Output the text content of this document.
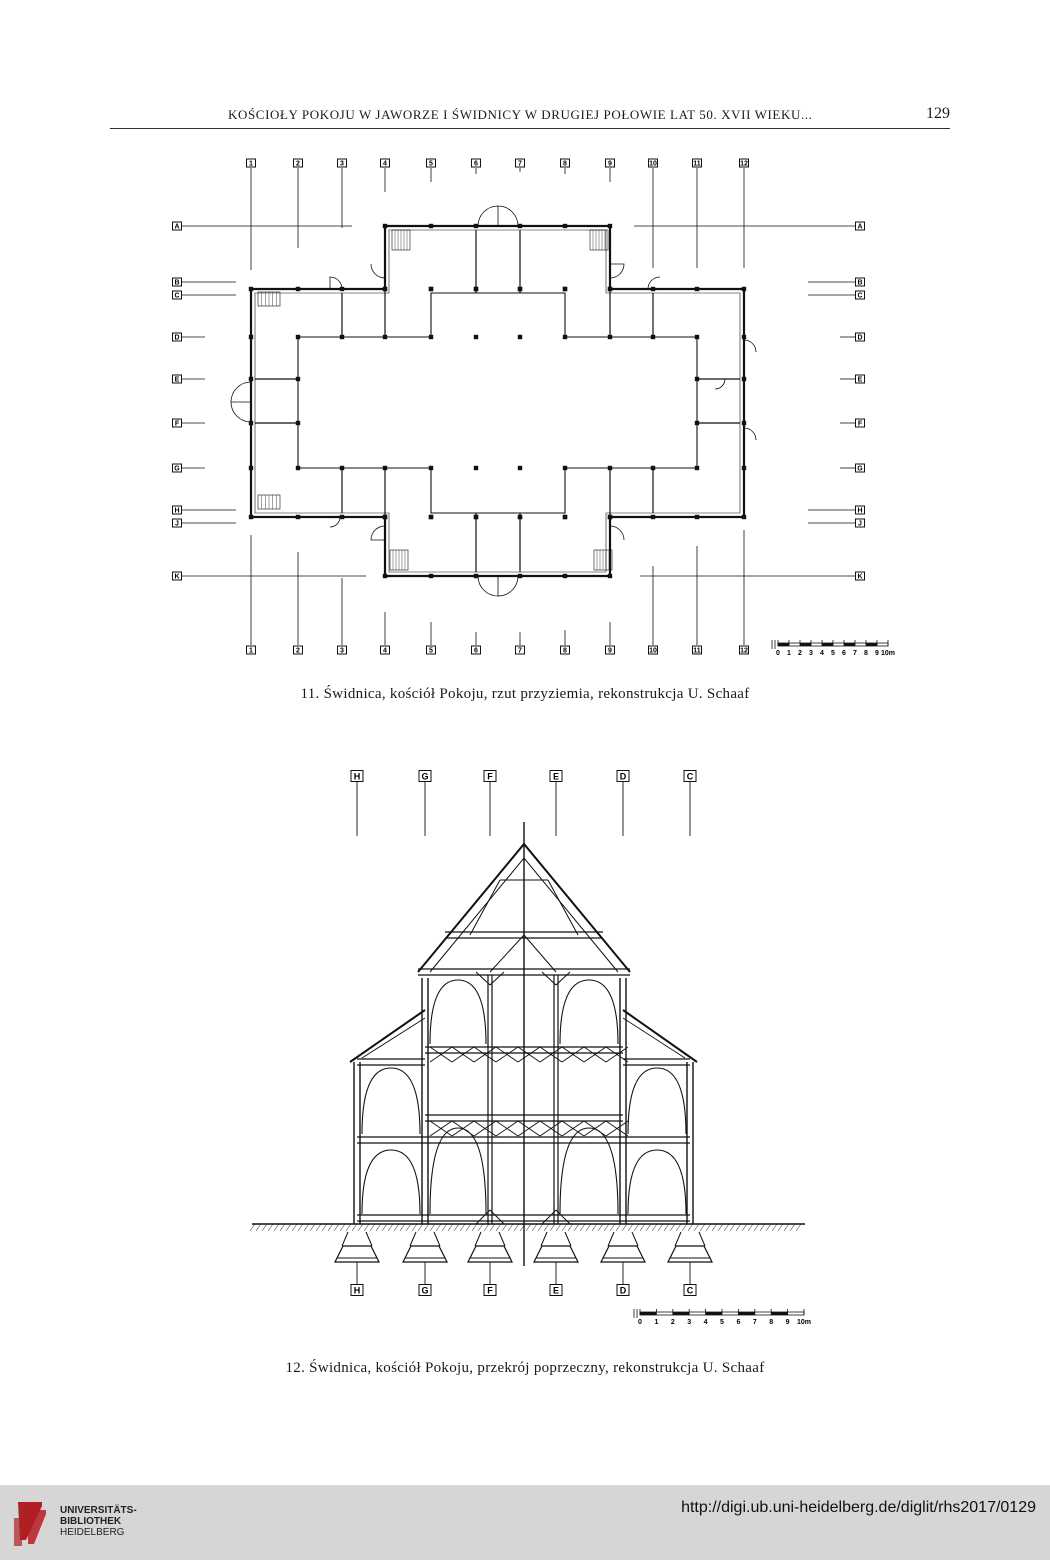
KOŚCIOŁY POKOJU W JAWORZE I ŚWIDNICY W DRUGIEJ POŁOWIE LAT 50. XVII WIEKU...	129
1
1
2
2
3
3
4
4
5
5
6
6
7
7
8
8
9
9
10
10
11
11
12
12
A	A
B	B
C	C
D	D
E	E
F	F
G	G
H	H
J	J
K	K
0 1 2 3 4 5 6 7 8 9 10m
11. Świdnica, kościół Pokoju, rzut przyziemia, rekonstrukcja U. Schaaf
H
H
G
G
F
F
E
E
D
D
C
C
0 1 2 3 4 5 6 7 8 9 10m
12. Świdnica, kościół Pokoju, przekrój poprzeczny, rekonstrukcja U. Schaaf
UNIVERSITÄTS-
BIBLIOTHEK
HEIDELBERG
http://digi.ub.uni-heidelberg.de/diglit/rhs2017/0129
